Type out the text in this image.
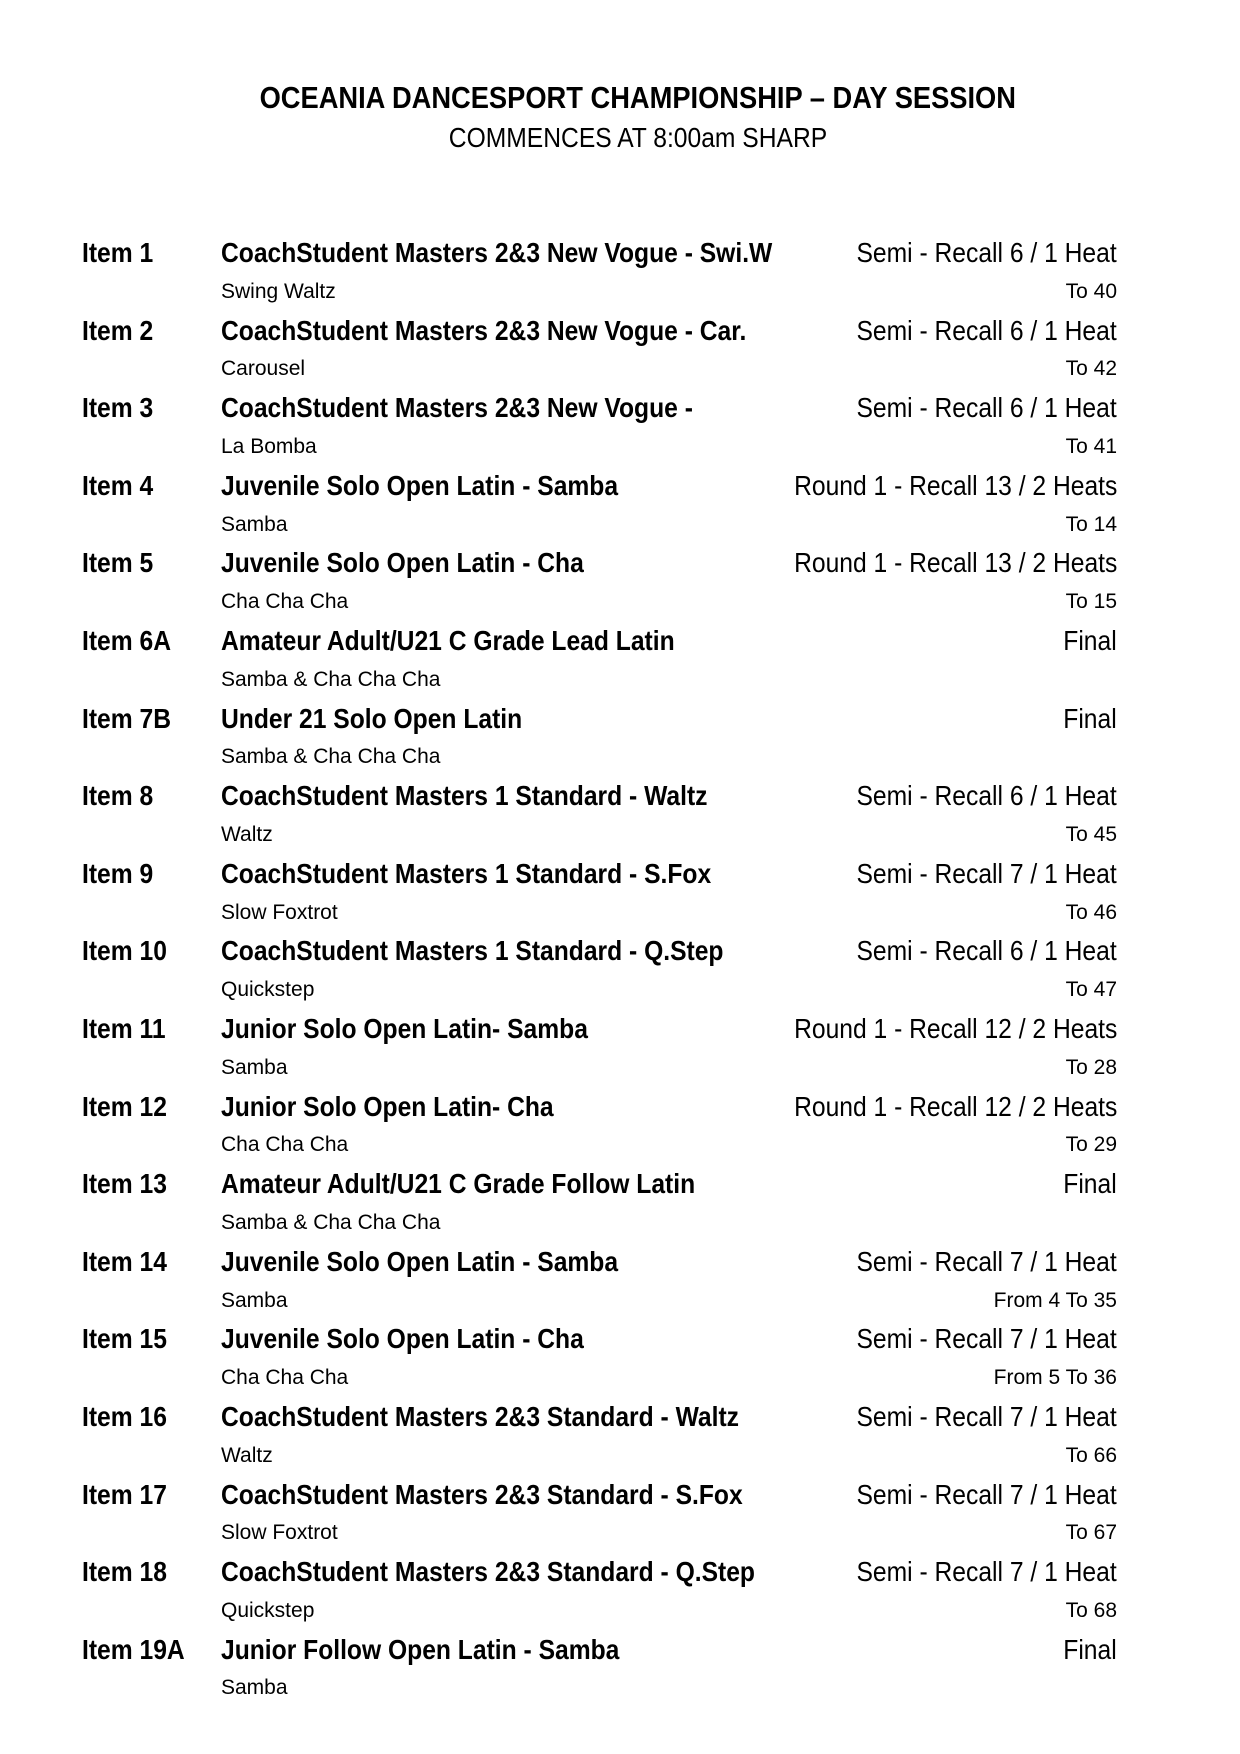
OCEANIA DANCESPORT CHAMPIONSHIP – DAY SESSION
COMMENCES AT 8:00am SHARP
Item 1	CoachStudent Masters 2&3 New Vogue - Swi.W	Semi - Recall 6 / 1 Heat
Swing Waltz	To 40
Item 2	CoachStudent Masters 2&3 New Vogue - Car.	Semi - Recall 6 / 1 Heat
Carousel	To 42
Item 3	CoachStudent Masters 2&3 New Vogue -	Semi - Recall 6 / 1 Heat
La Bomba	To 41
Item 4	Juvenile Solo Open Latin - Samba	Round 1 - Recall 13 / 2 Heats
Samba	To 14
Item 5	Juvenile Solo Open Latin - Cha	Round 1 - Recall 13 / 2 Heats
Cha Cha Cha	To 15
Item 6A	Amateur Adult/U21 C Grade Lead Latin	Final
Samba & Cha Cha Cha
Item 7B	Under 21 Solo Open Latin	Final
Samba & Cha Cha Cha
Item 8	CoachStudent Masters 1 Standard - Waltz	Semi - Recall 6 / 1 Heat
Waltz	To 45
Item 9	CoachStudent Masters 1 Standard - S.Fox	Semi - Recall 7 / 1 Heat
Slow Foxtrot	To 46
Item 10	CoachStudent Masters 1 Standard - Q.Step	Semi - Recall 6 / 1 Heat
Quickstep	To 47
Item 11	Junior Solo Open Latin- Samba	Round 1 - Recall 12 / 2 Heats
Samba	To 28
Item 12	Junior Solo Open Latin- Cha	Round 1 - Recall 12 / 2 Heats
Cha Cha Cha	To 29
Item 13	Amateur Adult/U21 C Grade Follow Latin	Final
Samba & Cha Cha Cha
Item 14	Juvenile Solo Open Latin - Samba	Semi - Recall 7 / 1 Heat
Samba	From 4 To 35
Item 15	Juvenile Solo Open Latin - Cha	Semi - Recall 7 / 1 Heat
Cha Cha Cha	From 5 To 36
Item 16	CoachStudent Masters 2&3 Standard - Waltz	Semi - Recall 7 / 1 Heat
Waltz	To 66
Item 17	CoachStudent Masters 2&3 Standard - S.Fox	Semi - Recall 7 / 1 Heat
Slow Foxtrot	To 67
Item 18	CoachStudent Masters 2&3 Standard - Q.Step	Semi - Recall 7 / 1 Heat
Quickstep	To 68
Item 19A	Junior Follow Open Latin - Samba	Final
Samba
